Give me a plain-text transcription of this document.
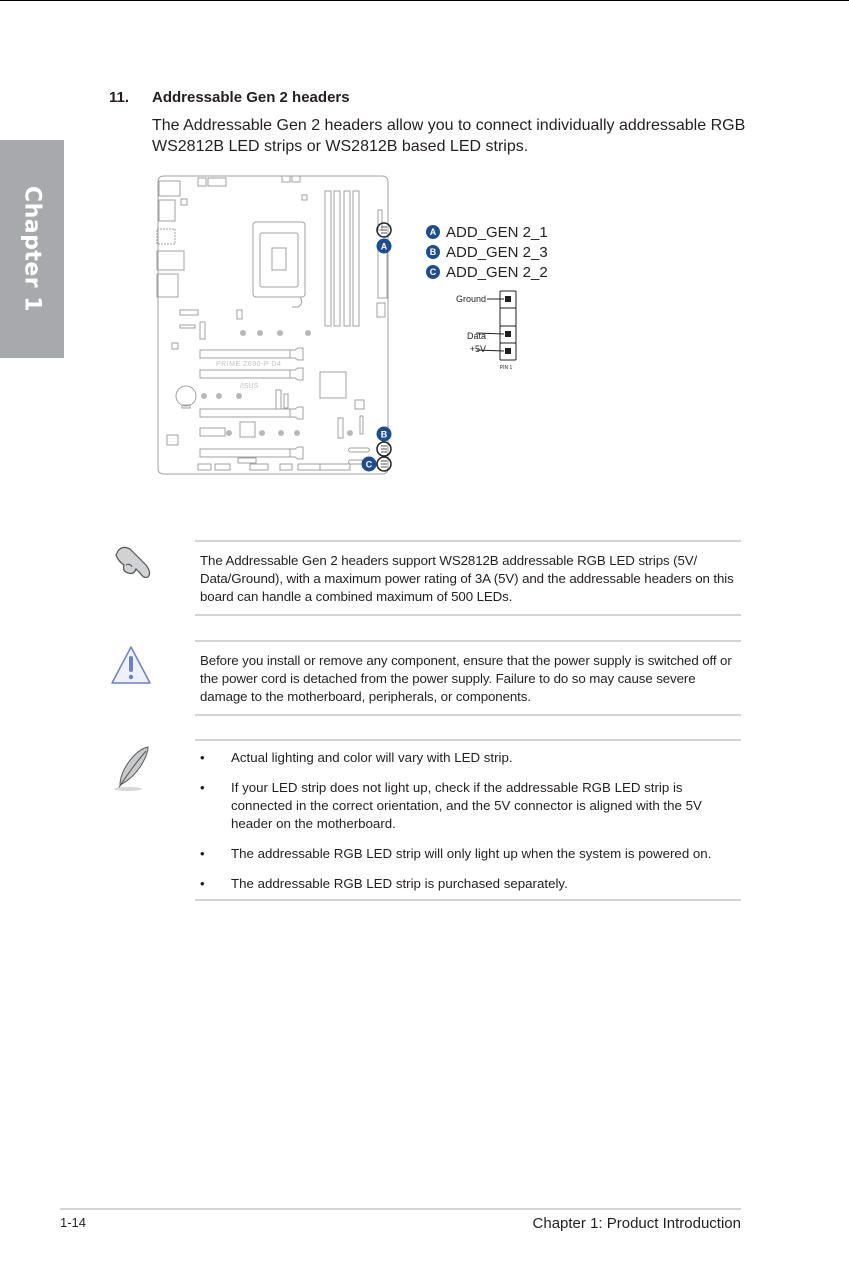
Chapter 1
11. Addressable Gen 2 headers
The Addressable Gen 2 headers allow you to connect individually addressable RGB WS2812B LED strips or WS2812B based LED strips.
PRIME Z690-P D4
/ISUS
A
B
C
A ADD_GEN 2_1
B ADD_GEN 2_3
C ADD_GEN 2_2
Ground
Data
+5V
PIN 1

The Addressable Gen 2 headers support WS2812B addressable RGB LED strips (5V/ Data/Ground), with a maximum power rating of 3A (5V) and the addressable headers on this board can handle a combined maximum of 500 LEDs.

Before you install or remove any component, ensure that the power supply is switched off or the power cord is detached from the power supply. Failure to do so may cause severe damage to the motherboard, peripherals, or components.

•	Actual lighting and color will vary with LED strip.
•	If your LED strip does not light up, check if the addressable RGB LED strip is connected in the correct orientation, and the 5V connector is aligned with the 5V header on the motherboard.
•	The addressable RGB LED strip will only light up when the system is powered on.
•	The addressable RGB LED strip is purchased separately.
1-14	Chapter 1: Product Introduction
